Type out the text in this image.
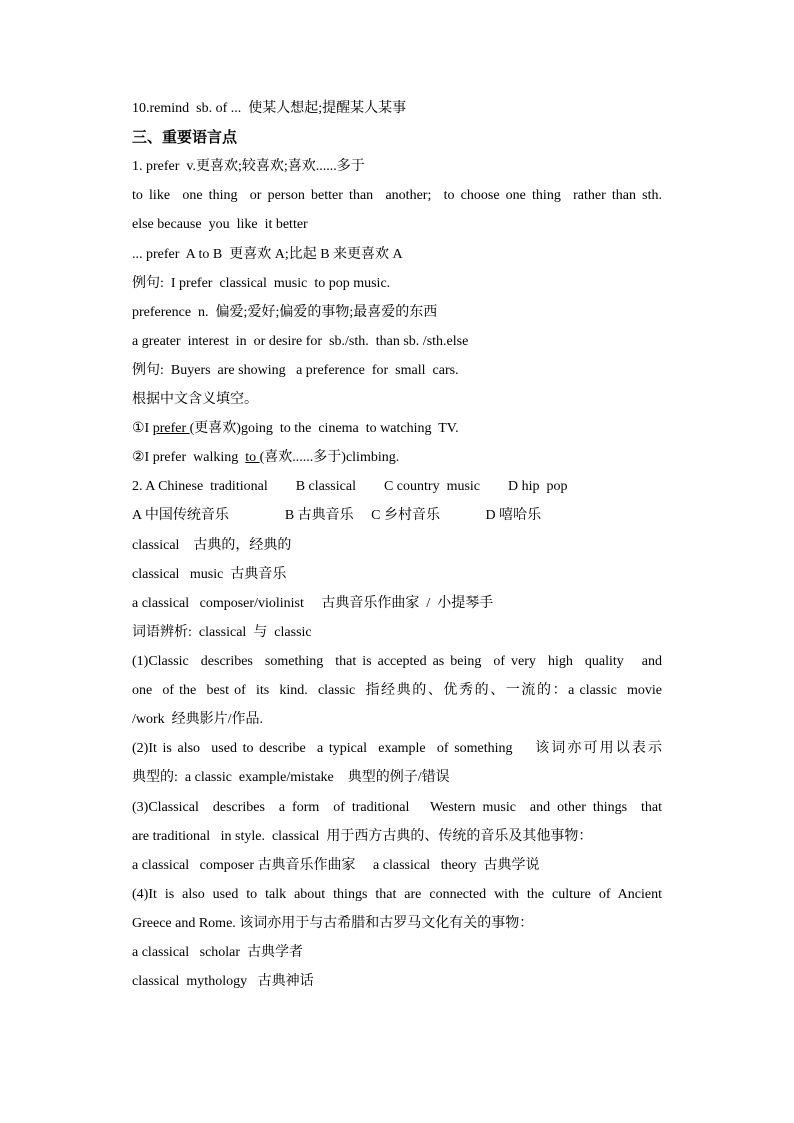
10.remind  sb. of ...  使某人想起;提醒某人某事
三、重要语言点
1. prefer  v.更喜欢;较喜欢;喜欢......多于
to like  one thing  or person better than  another;  to choose one thing  rather than sth.
else because  you  like  it better
... prefer  A to B  更喜欢 A;比起 B 来更喜欢 A
例句:  I prefer  classical  music  to pop music.
preference  n.  偏爱;爱好;偏爱的事物;最喜爱的东西
a greater  interest  in  or desire for  sb./sth.  than sb. /sth.else
例句:  Buyers  are showing   a preference  for  small  cars.
根据中文含义填空。
①I prefer (更喜欢)going  to the  cinema  to watching  TV.
②I prefer  walking  to (喜欢......多于)climbing.
2. A Chinese  traditional        B classical        C country  music        D hip  pop
A 中国传统音乐                B 古典音乐     C 乡村音乐             D 嘻哈乐
classical    古典的，经典的
classical   music  古典音乐
a classical   composer/violinist     古典音乐作曲家  /  小提琴手
词语辨析:  classical  与  classic
(1)Classic  describes  something  that is accepted as being  of very  high  quality   and
one  of the  best of  its  kind.  classic  指经典的、优秀的、一流的：a classic  movie
/work  经典影片/作品.
(2)It is also  used to describe  a typical  example  of something    该词亦可用以表示
典型的:  a classic  example/mistake    典型的例子/错误
(3)Classical  describes  a form  of traditional   Western music  and other things  that
are traditional   in style.  classical  用于西方古典的、传统的音乐及其他事物：
a classical   composer 古典音乐作曲家     a classical   theory  古典学说
(4)It is also used to talk about things that are connected with the culture of Ancient
Greece and Rome. 该词亦用于与古希腊和古罗马文化有关的事物：
a classical   scholar  古典学者
classical  mythology   古典神话
